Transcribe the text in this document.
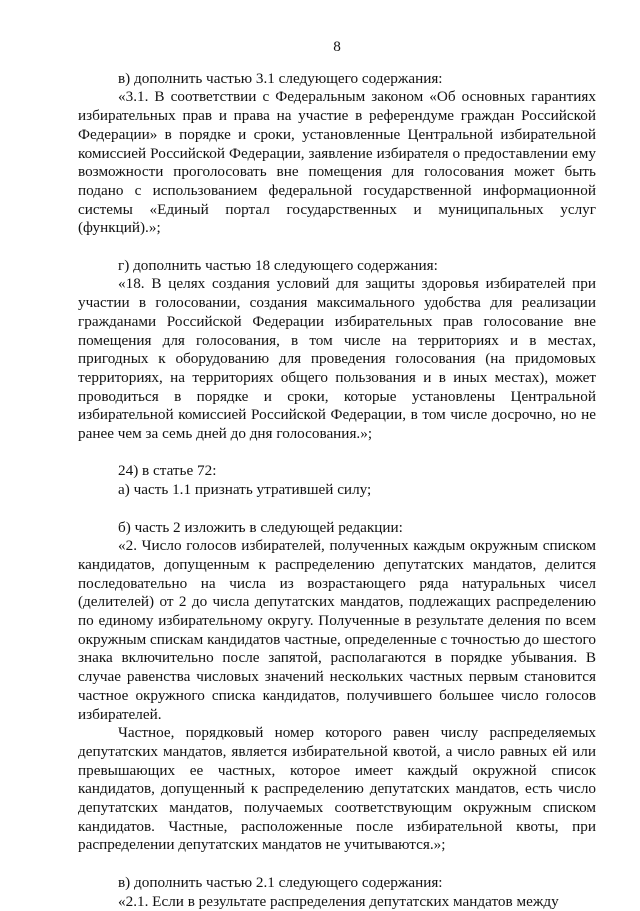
8

в) дополнить частью 3.1 следующего содержания:

«3.1. В соответствии с Федеральным законом «Об основных гарантиях избирательных прав и права на участие в референдуме граждан Российской Федерации» в порядке и сроки, установленные Центральной избирательной комиссией Российской Федерации, заявление избирателя о предоставлении ему возможности проголосовать вне помещения для голосования может быть подано с использованием федеральной государственной информационной системы «Единый портал государственных и муниципальных услуг (функций).»;

г) дополнить частью 18 следующего содержания:

«18. В целях создания условий для защиты здоровья избирателей при участии в голосовании, создания максимального удобства для реализации гражданами Российской Федерации избирательных прав голосование вне помещения для голосования, в том числе на территориях и в местах, пригодных к оборудованию для проведения голосования (на придомовых территориях, на территориях общего пользования и в иных местах), может проводиться в порядке и сроки, которые установлены Центральной избирательной комиссией Российской Федерации, в том числе досрочно, но не ранее чем за семь дней до дня голосования.»;

24) в статье 72:

а) часть 1.1 признать утратившей силу;

б) часть 2 изложить в следующей редакции:

«2. Число голосов избирателей, полученных каждым окружным списком кандидатов, допущенным к распределению депутатских мандатов, делится последовательно на числа из возрастающего ряда натуральных чисел (делителей) от 2 до числа депутатских мандатов, подлежащих распределению по единому избирательному округу. Полученные в результате деления по всем окружным спискам кандидатов частные, определенные с точностью до шестого знака включительно после запятой, располагаются в порядке убывания. В случае равенства числовых значений нескольких частных первым становится частное окружного списка кандидатов, получившего большее число голосов избирателей.

Частное, порядковый номер которого равен числу распределяемых депутатских мандатов, является избирательной квотой, а число равных ей или превышающих ее частных, которое имеет каждый окружной список кандидатов, допущенный к распределению депутатских мандатов, есть число депутатских мандатов, получаемых соответствующим окружным списком кандидатов. Частные, расположенные после избирательной квоты, при распределении депутатских мандатов не учитываются.»;

в) дополнить частью 2.1 следующего содержания:

«2.1. Если в результате распределения депутатских мандатов между
